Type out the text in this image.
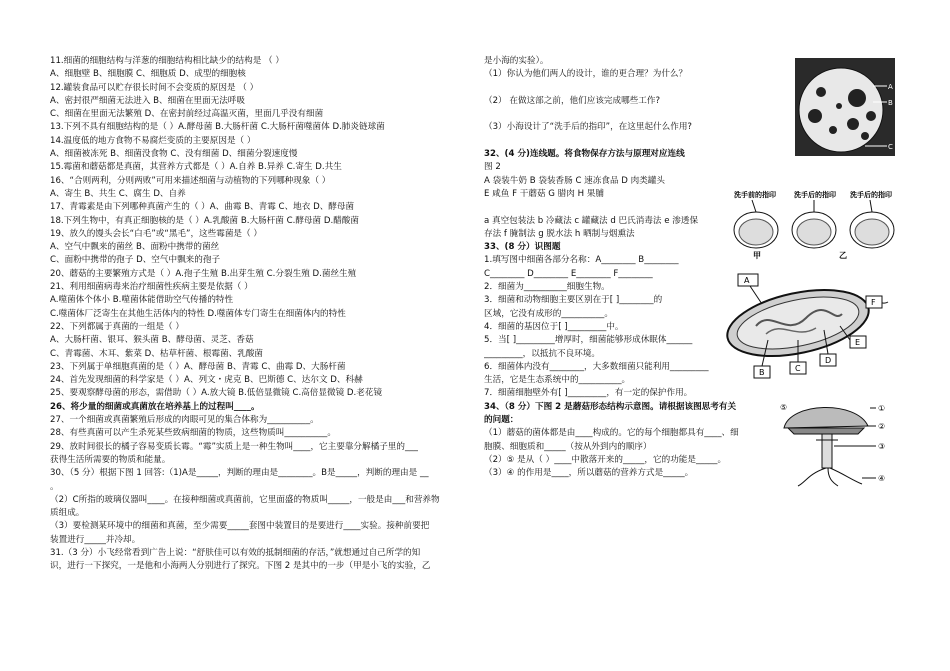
11.细菌的细胞结构与洋葱的细胞结构相比缺少的结构是 （ ）
A、细胞壁 B、细胞膜 C、细胞质 D、成型的细胞核
12.罐装食品可以贮存很长时间不会变质的原因是 （ ）
A、密封很严细菌无法进入 B、细菌在里面无法呼吸
C、细菌在里面无法繁殖 D、在密封前经过高温灭菌，里面几乎没有细菌
13.下列不具有细胞结构的是（ ）A.酵母菌 B.大肠杆菌 C.大肠杆菌噬菌体 D.肺炎链球菌
14.温度低的地方食物不易腐烂变质的主要原因是（ ）
A、细菌被冻死 B、细菌没食物 C、没有细菌 D、细菌分裂速度慢
15.霉菌和蘑菇都是真菌，其营养方式都是（ ）A.自养 B.异养 C.寄生 D.共生
16、“合则两利，分则两败”可用来描述细菌与动植物的下列哪种现象（ ）
A、寄生 B、共生 C、腐生 D、自养
17、青霉素是由下列哪种真菌产生的（ ）A、曲霉 B、青霉 C、地衣 D、酵母菌
18.下列生物中，有真正细胞核的是（ ）A.乳酸菌 B.大肠杆菌 C.酵母菌 D.醋酸菌
19、放久的馒头会长“白毛”或“黑毛”，这些霉菌是（ ）
A、空气中飘来的菌丝 B、面粉中携带的菌丝
C、面粉中携带的孢子 D、空气中飘来的孢子
20、蘑菇的主要繁殖方式是（ ）A.孢子生殖 B.出芽生殖 C.分裂生殖 D.菌丝生殖
21、利用细菌病毒来治疗细菌性疾病主要是依据（ ）
A.噬菌体个体小 B.噬菌体能借助空气传播的特性
C.噬菌体厂泛寄生在其他生活体内的特性 D.噬菌体专门寄生在细菌体内的特性
22、下列都属于真菌的一组是（ ）
A、大肠杆菌、银耳、猴头菌 B、酵母菌、灵芝、香菇
C、青霉菌、木耳、紫菜 D、枯草杆菌、根霉菌、乳酸菌
23、下列属于单细胞真菌的是（ ）A、酵母菌 B、青霉 C、曲霉 D、大肠杆菌
24、首先发现细菌的科学家是（ ）A、列文・虎克 B、巴斯德 C、达尔文 D、科赫
25、要观察酵母菌的形态，需借助（ ）A.放大镜 B.低倍显微镜 C.高倍显微镜 D.老花镜
26、将少量的细菌或真菌放在培养基上的过程叫____。
27、一个细菌或真菌繁殖后形成的肉眼可见的集合体称为__________。
28、有些真菌可以产生杀死某些致病细菌的物质，这些物质叫__________。
29、放时间很长的橘子容易变质长霉。“霉”实质上是一种生物叫____，它主要靠分解橘子里的___
获得生活所需要的物质和能量。
30、（5 分）根据下图 1 回答:（1)A是_____，判断的理由是________。B是_____，判断的理由是 __
。
（2）C所指的玻璃仪器叫____。在接种细菌或真菌前，它里面盛的物质叫_____，一般是由___和营养物
质组成。
（3）要检测某环境中的细菌和真菌，至少需要_____套图中装置目的是要进行____实验。接种前要把
装置进行_____并冷却。
31.（3 分）小飞经常看到广告上说：“舒肤佳可以有效的抵制细菌的存活，”就想通过自己所学的知
识，进行一下探究，一是他和小海两人分别进行了探究。下图 2 是其中的一步（甲是小飞的实验，乙
是小海的实验）。
（1）你认为他们两人的设计，谁的更合理？为什么？

（2） 在做这部之前，他们应该完成哪些工作?

（3）小海设计了“洗手后的指印”，在这里起什么作用?

32、(4 分)连线题。将食物保存方法与原理对应连线
图 2
A 袋装牛奶 B 袋装香肠 C 速冻食品 D 肉类罐头
E 咸鱼 F 干蘑菇 G 腊肉 H 果脯

a 真空包装法 b 冷藏法 c 罐藏法 d 巴氏消毒法 e 渗透保
存法 f 腌制法 g 脱水法 h 晒制与烟熏法
33、(8 分）识图题
1.填写图中细菌各部分名称：A________ B________
C________ D________ E________ F________
2．细菌为__________细胞生物。
3．细菌和动物细胞主要区别在于[ ]________的
区域，它没有成形的__________。
4．细菌的基因位于[ ]_________中。
5．当[ ]_________增厚时，细菌能够形成休眠体______
_________，以抵抗不良环境。
6．细菌体内没有________，大多数细菌只能利用_________
生活，它是生态系统中的__________。
7．细菌细胞壁外有[ ]_________，有一定的保护作用。
34、（8 分）下图 2 是蘑菇形态结构示意图。请根据该图思考有关
的问题：
（1）蘑菇的菌体都是由____构成的。它的每个细胞都具有____、细
胞膜、细胞质和_____（按从外到内的顺序）
（2）⑤ 是从（ ）____中散落开来的_____，它的功能是_____。
（3）④ 的作用是____，所以蘑菇的营养方式是_____。
A
B
C
洗手前的指印	洗手后的指印 洗手后的指印
甲	乙
A
B	C
D
E
F
⑤	①
②
③
④
